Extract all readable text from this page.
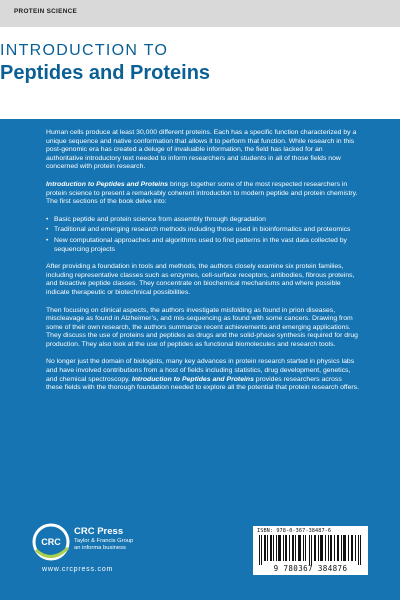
PROTEIN SCIENCE
INTRODUCTION TO
Peptides and Proteins

Human cells produce at least 30,000 different proteins. Each has a specific function characterized by a unique sequence and native conformation that allows it to perform that function. While research in this post-genomic era has created a deluge of invaluable information, the field has lacked for an authoritative introductory text needed to inform researchers and students in all of those fields now concerned with protein research.

Introduction to Peptides and Proteins brings together some of the most respected researchers in protein science to present a remarkably coherent introduction to modern peptide and protein chemistry. The first sections of the book delve into:

• Basic peptide and protein science from assembly through degradation
• Traditional and emerging research methods including those used in bioinformatics and proteomics
• New computational approaches and algorithms used to find patterns in the vast data collected by sequencing projects

After providing a foundation in tools and methods, the authors closely examine six protein families, including representative classes such as enzymes, cell-surface receptors, antibodies, fibrous proteins, and bioactive peptide classes. They concentrate on biochemical mechanisms and where possible indicate therapeutic or biotechnical possibilities.

Then focusing on clinical aspects, the authors investigate misfolding as found in prion diseases, miscleavage as found in Alzheimer’s, and mis-sequencing as found with some cancers. Drawing from some of their own research, the authors summarize recent achievements and emerging applications. They discuss the use of proteins and peptides as drugs and the solid-phase synthesis required for drug production. They also look at the use of peptides as functional biomolecules and research tools.

No longer just the domain of biologists, many key advances in protein research started in physics labs and have involved contributions from a host of fields including statistics, drug development, genetics, and chemical spectroscopy. Introduction to Peptides and Proteins provides researchers across these fields with the thorough foundation needed to explore all the potential that protein research offers.

CRC
CRC Press
Taylor & Francis Group
an informa business
www.crcpress.com
ISBN: 978-0-367-38487-6
9 780367 384876
